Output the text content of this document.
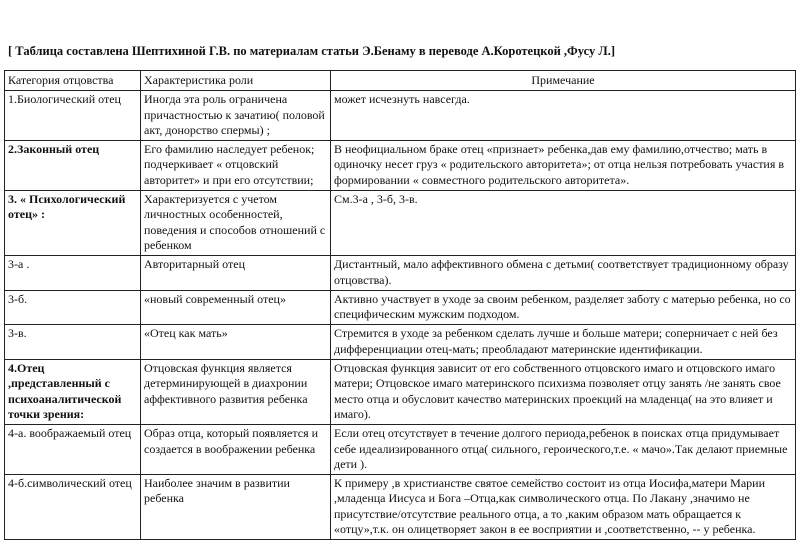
[ Таблица составлена Шептихиной Г.В. по материалам статьи Э.Бенаму в переводе А.Коротецкой ,Фусу Л.]
Категория отцовства	Характеристика роли	Примечание
1.Биологический отец	Иногда эта роль ограничена причастностью к зачатию( половой акт, донорство спермы) ;	может исчезнуть навсегда.
2.Законный отец	Его фамилию наследует ребенок; подчеркивает « отцовский авторитет» и при его отсутствии;	В неофициальном браке отец «признает» ребенка,дав ему фамилию,отчество; мать в одиночку несет груз « родительского авторитета»; от отца нельзя потребовать участия в формировании « совместного родительского авторитета».
3. « Психологический отец» :	Характеризуется с учетом личностных особенностей, поведения и способов отношений с ребенком	См.3-а , 3-б, 3-в.
3-а .	Авторитарный отец	Дистантный, мало аффективного обмена с детьми( соответствует традиционному образу отцовства).
3-б.	«новый современный отец»	Активно участвует в уходе за своим ребенком, разделяет заботу с матерью ребенка, но со специфическим мужским подходом.
3-в.	«Отец как мать»	Стремится в уходе за ребенком сделать лучше и больше матери; соперничает с ней без дифференциации отец-мать; преобладают материнские идентификации.
4.Отец ,представленный с психоаналитической точки зрения:	Отцовская функция является детерминирующей в диахронии аффективного развития ребенка	Отцовская функция зависит от его собственного отцовского имаго и отцовского имаго матери; Отцовское имаго материнского психизма позволяет отцу занять /не занять свое место отца и обусловит качество материнских проекций на младенца( на это влияет и имаго).
4-а. воображаемый отец	Образ отца, который появляется и создается в воображении ребенка	Если отец отсутствует в течение долгого периода,ребенок в поисках отца придумывает себе идеализированного отца( сильного, героического,т.е. « мачо».Так делают приемные дети ).
4-б.символический отец	Наиболее значим в развитии ребенка	К примеру ,в христианстве святое семейство состоит из отца Иосифа,матери Марии ,младенца Иисуса и Бога –Отца,как символического отца. По Лакану ,значимо не присутствие/отсутствие реального отца, а то ,каким образом мать обращается к «отцу»,т.к. он олицетворяет закон в ее восприятии и ,соответственно, -- у ребенка.
